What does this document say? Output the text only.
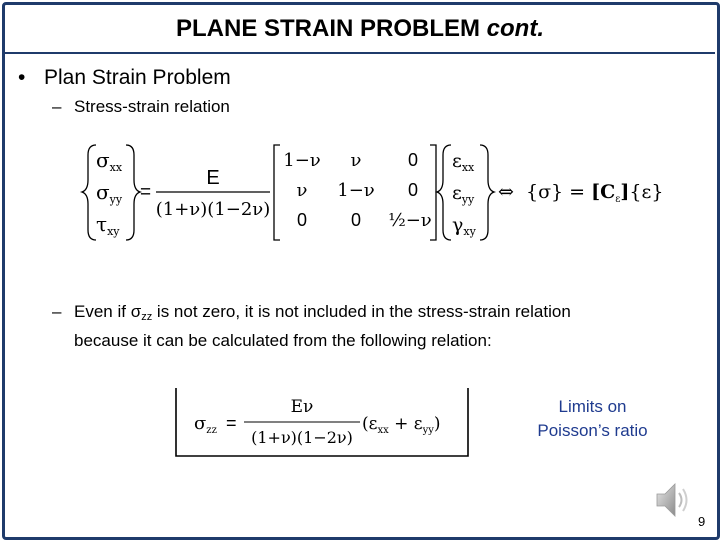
PLANE STRAIN PROBLEM cont.
• Plan Strain Problem
– Stress-strain relation
$\sigma_{xx}$
$\sigma_{yy}$
$\tau_{xy}$
=
E
(1+ν)(1−2ν)
1−ν ν	0
ν 1−ν 0
0 0 ½−ν
$\varepsilon_{xx}$
$\varepsilon_{yy}$
$\gamma_{xy}$
⇔ $\{\sigma\} = [C_\varepsilon]\{\varepsilon\}$
– Even if σzz is not zero, it is not included in the stress-strain relation
because it can be calculated from the following relation:
$\sigma_{zz}$ =
Eν
(1+ν)(1−2ν)
$(\varepsilon_{xx} + \varepsilon_{yy})$
Limits on
Poisson’s ratio
9
